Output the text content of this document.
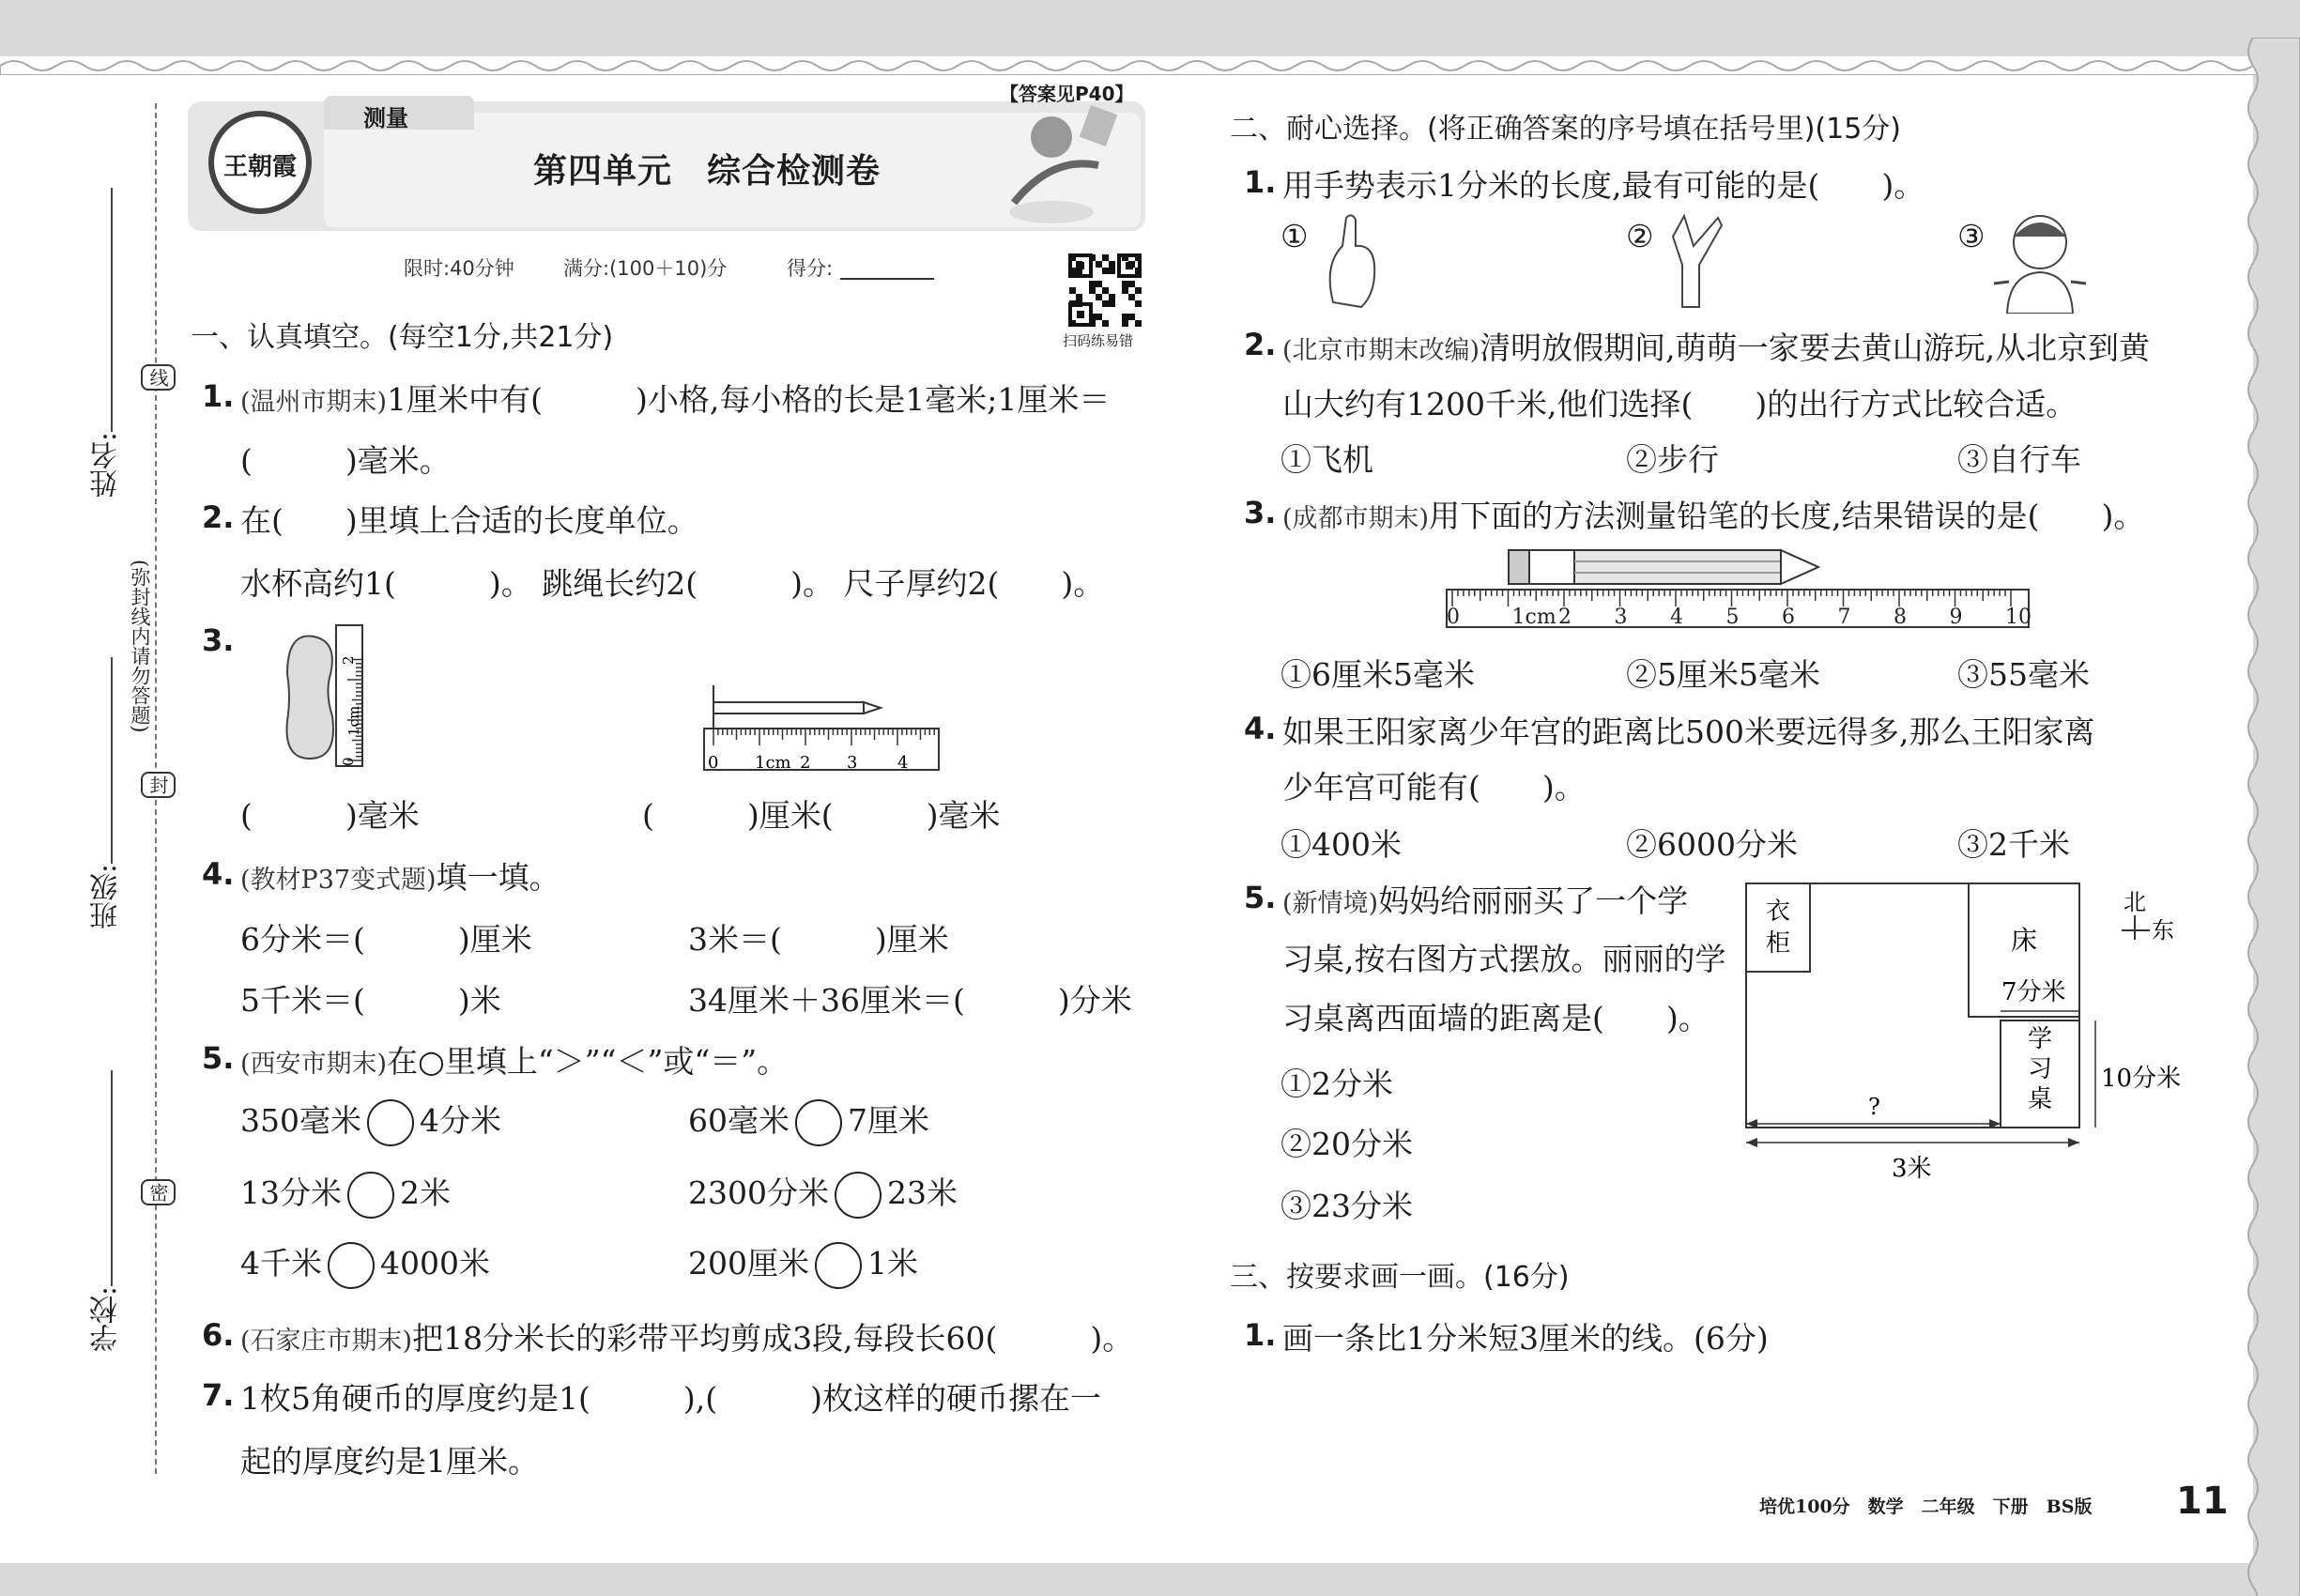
姓名:
班级:
学校:
线
封
密
(弥封线内请勿答题)
王朝霞
测量
【答案见P40】
第四单元　综合检测卷
限时:40分钟 满分:(100＋10)分	得分:
扫码练易错
一、认真填空。(每空1分,共21分)
1. (温州市期末)1厘米中有(　　　)小格,每小格的长是1毫米;1厘米＝
(　　　)毫米。
2. 在(　　)里填上合适的长度单位。
水杯高约1(　　　)。 跳绳长约2(　　　)。 尺子厚约2(　　)。
3.
0
1cm
2
0 1cm 2 3 4
(　　　)毫米	(　　　)厘米(　　　)毫米
4. (教材P37变式题)填一填。
6分米＝(　　　)厘米	3米＝(　　　)厘米
5千米＝(　　　)米	34厘米＋36厘米＝(　　　)分米
5. (西安市期末)在○里填上“＞”“＜”或“＝”。
350毫米 4分米	60毫米 7厘米
13分米 2米	2300分米 23米
4千米 4000米	200厘米 1米
6. (石家庄市期末)把18分米长的彩带平均剪成3段,每段长60(　　　)。
7. 1枚5角硬币的厚度约是1(　　　),(　　　)枚这样的硬币摞在一
起的厚度约是1厘米。
二、耐心选择。(将正确答案的序号填在括号里)(15分)
1. 用手势表示1分米的长度,最有可能的是(　　)。
①	②	③
2. (北京市期末改编)清明放假期间,萌萌一家要去黄山游玩,从北京到黄
山大约有1200千米,他们选择(　　)的出行方式比较合适。
①飞机	②步行	③自行车
3. (成都市期末)用下面的方法测量铅笔的长度,结果错误的是(　　)。
0	1cm 2 3 4 5 6 7 8 9 10
①6厘米5毫米	②5厘米5毫米	③55毫米
4. 如果王阳家离少年宫的距离比500米要远得多,那么王阳家离
少年宫可能有(　　)。
①400米	②6000分米	③2千米
5. (新情境)妈妈给丽丽买了一个学
习桌,按右图方式摆放。丽丽的学
习桌离西面墙的距离是(　　)。
①2分米
②20分米
③23分米
衣柜	床
7分米
学习桌
?
3米
10分米
北
东
三、按要求画一画。(16分)
1. 画一条比1分米短3厘米的线。(6分)
培优100分　数学　二年级　下册　BS版 11
